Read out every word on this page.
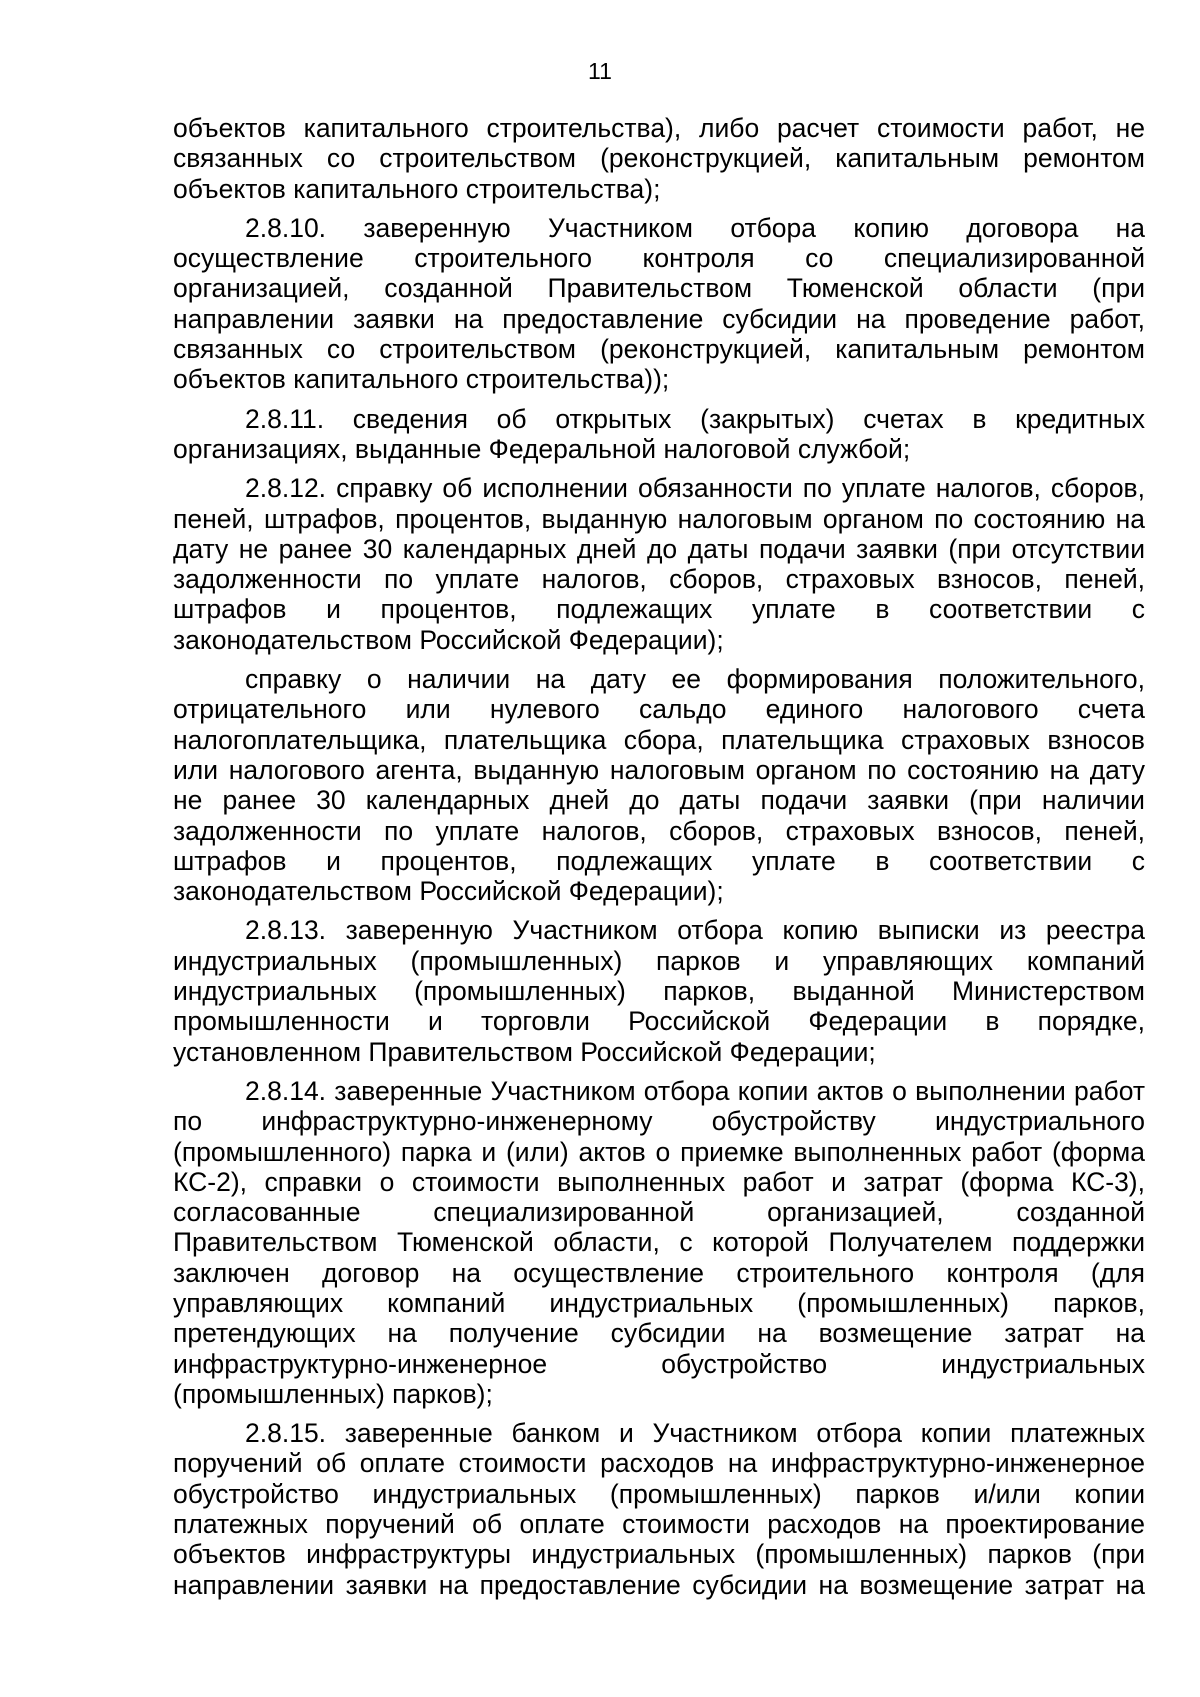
11

объектов капитального строительства), либо расчет стоимости работ, не связанных со строительством (реконструкцией, капитальным ремонтом объектов капитального строительства);

2.8.10. заверенную Участником отбора копию договора на осуществление строительного контроля со специализированной организацией, созданной Правительством Тюменской области (при направлении заявки на предоставление субсидии на проведение работ, связанных со строительством (реконструкцией, капитальным ремонтом объектов капитального строительства));

2.8.11. сведения об открытых (закрытых) счетах в кредитных организациях, выданные Федеральной налоговой службой;

2.8.12. справку об исполнении обязанности по уплате налогов, сборов, пеней, штрафов, процентов, выданную налоговым органом по состоянию на дату не ранее 30 календарных дней до даты подачи заявки (при отсутствии задолженности по уплате налогов, сборов, страховых взносов, пеней, штрафов и процентов, подлежащих уплате в соответствии с законодательством Российской Федерации);

справку о наличии на дату ее формирования положительного, отрицательного или нулевого сальдо единого налогового счета налогоплательщика, плательщика сбора, плательщика страховых взносов или налогового агента, выданную налоговым органом по состоянию на дату не ранее 30 календарных дней до даты подачи заявки (при наличии задолженности по уплате налогов, сборов, страховых взносов, пеней, штрафов и процентов, подлежащих уплате в соответствии с законодательством Российской Федерации);

2.8.13. заверенную Участником отбора копию выписки из реестра индустриальных (промышленных) парков и управляющих компаний индустриальных (промышленных) парков, выданной Министерством промышленности и торговли Российской Федерации в порядке, установленном Правительством Российской Федерации;

2.8.14. заверенные Участником отбора копии актов о выполнении работ по инфраструктурно-инженерному обустройству индустриального (промышленного) парка и (или) актов о приемке выполненных работ (форма КС-2), справки о стоимости выполненных работ и затрат (форма КС-3), согласованные специализированной организацией, созданной Правительством Тюменской области, с которой Получателем поддержки заключен договор на осуществление строительного контроля (для управляющих компаний индустриальных (промышленных) парков, претендующих на получение субсидии на возмещение затрат на инфраструктурно-инженерное обустройство индустриальных (промышленных) парков);

2.8.15. заверенные банком и Участником отбора копии платежных поручений об оплате стоимости расходов на инфраструктурно-инженерное обустройство индустриальных (промышленных) парков и/или копии платежных поручений об оплате стоимости расходов на проектирование объектов инфраструктуры индустриальных (промышленных) парков (при направлении заявки на предоставление субсидии на возмещение затрат на
